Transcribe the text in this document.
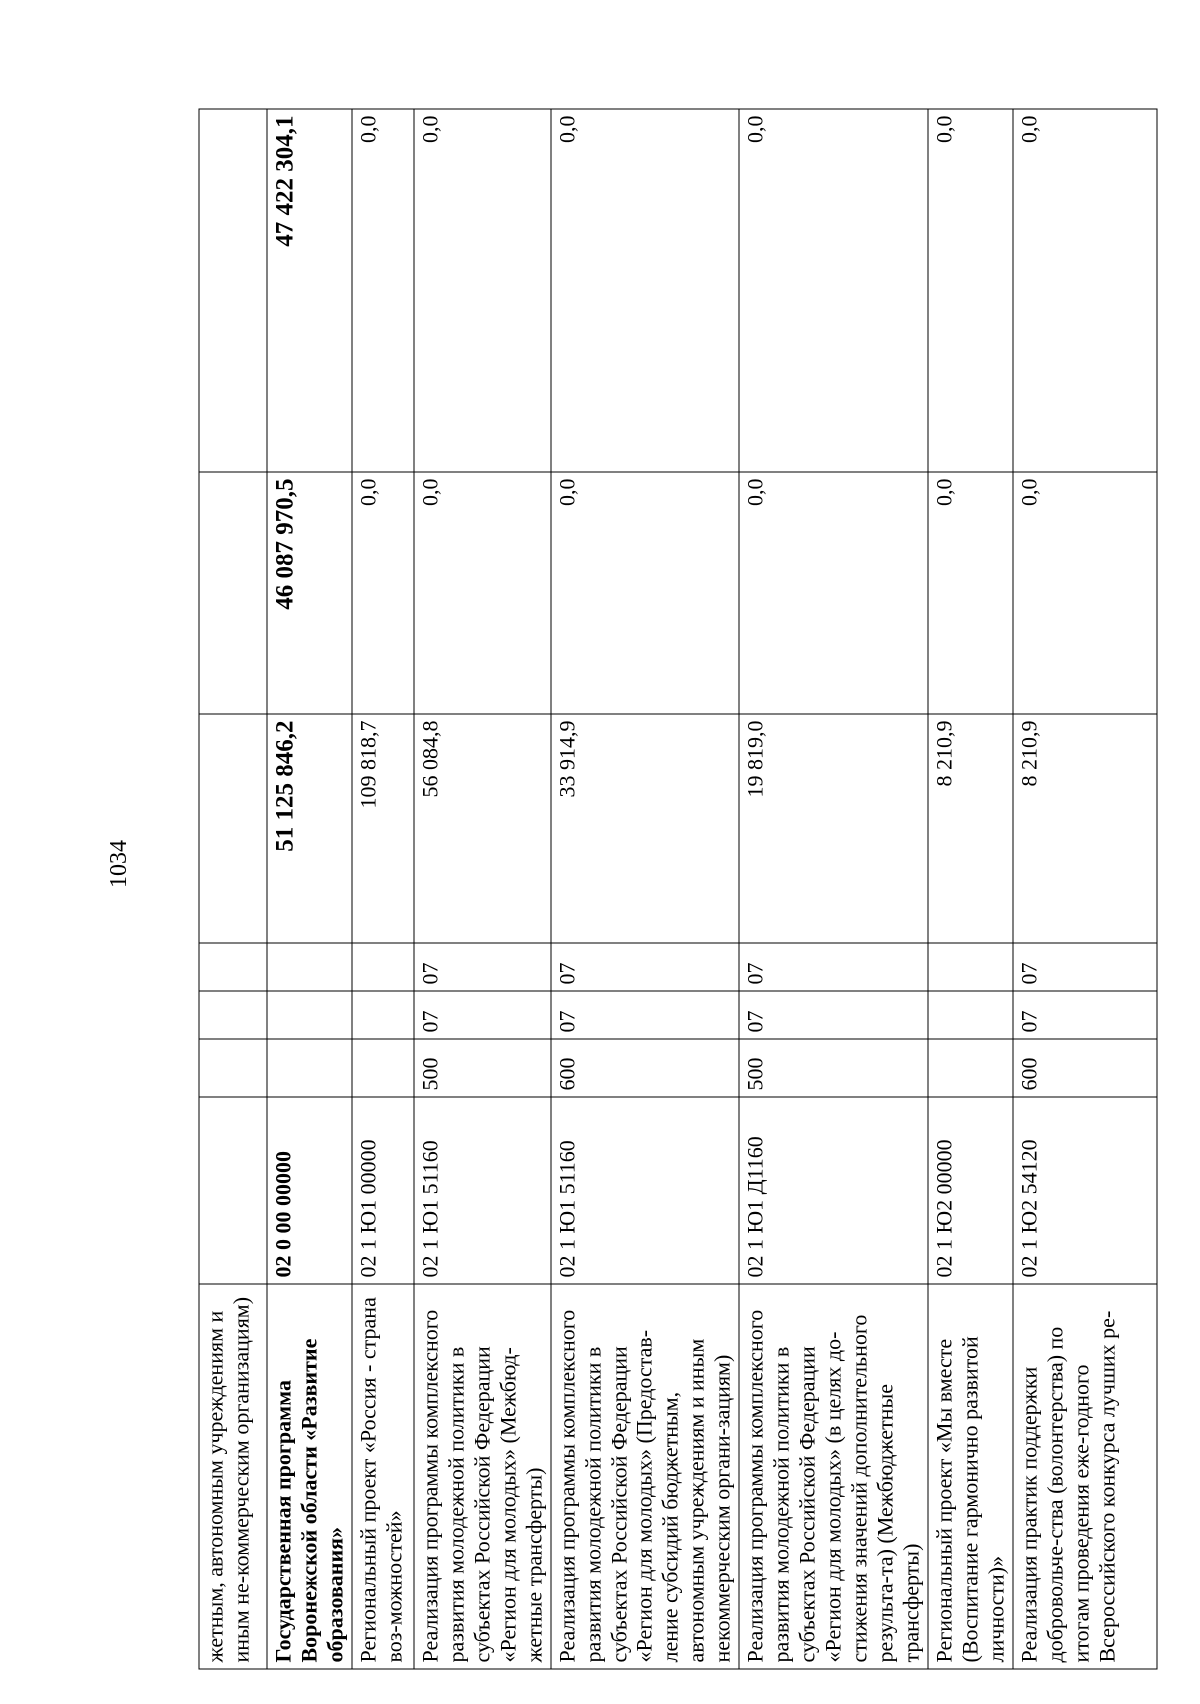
1034
жетным, автономным учреждениям и иным не-коммерческим организациям)							
Государственная программа Воронежской области «Развитие образования»	02 0 00 00000				51 125 846,2	46 087 970,5	47 422 304,1
Региональный проект «Россия - страна воз-можностей»	02 1 Ю1 00000				109 818,7	0,0	0,0
Реализация программы комплексного развития молодежной политики в субъектах Российской Федерации «Регион для молодых» (Межбюд-жетные трансферты)	02 1 Ю1 51160	500	07	07	56 084,8	0,0	0,0
Реализация программы комплексного развития молодежной политики в субъектах Российской Федерации «Регион для молодых» (Предостав-ление субсидий бюджетным, автономным учреждениям и иным некоммерческим органи-зациям)	02 1 Ю1 51160	600	07	07	33 914,9	0,0	0,0
Реализация программы комплексного развития молодежной политики в субъектах Российской Федерации «Регион для молодых» (в целях до-стижения значений дополнительного результа-та) (Межбюджетные трансферты)	02 1 Ю1 Д1160	500	07	07	19 819,0	0,0	0,0
Региональный проект «Мы вместе (Воспитание гармонично развитой личности)»	02 1 Ю2 00000				8 210,9	0,0	0,0
Реализация практик поддержки добровольче-ства (волонтерства) по итогам проведения еже-годного Всероссийского конкурса лучших ре-	02 1 Ю2 54120	600	07	07	8 210,9	0,0	0,0
